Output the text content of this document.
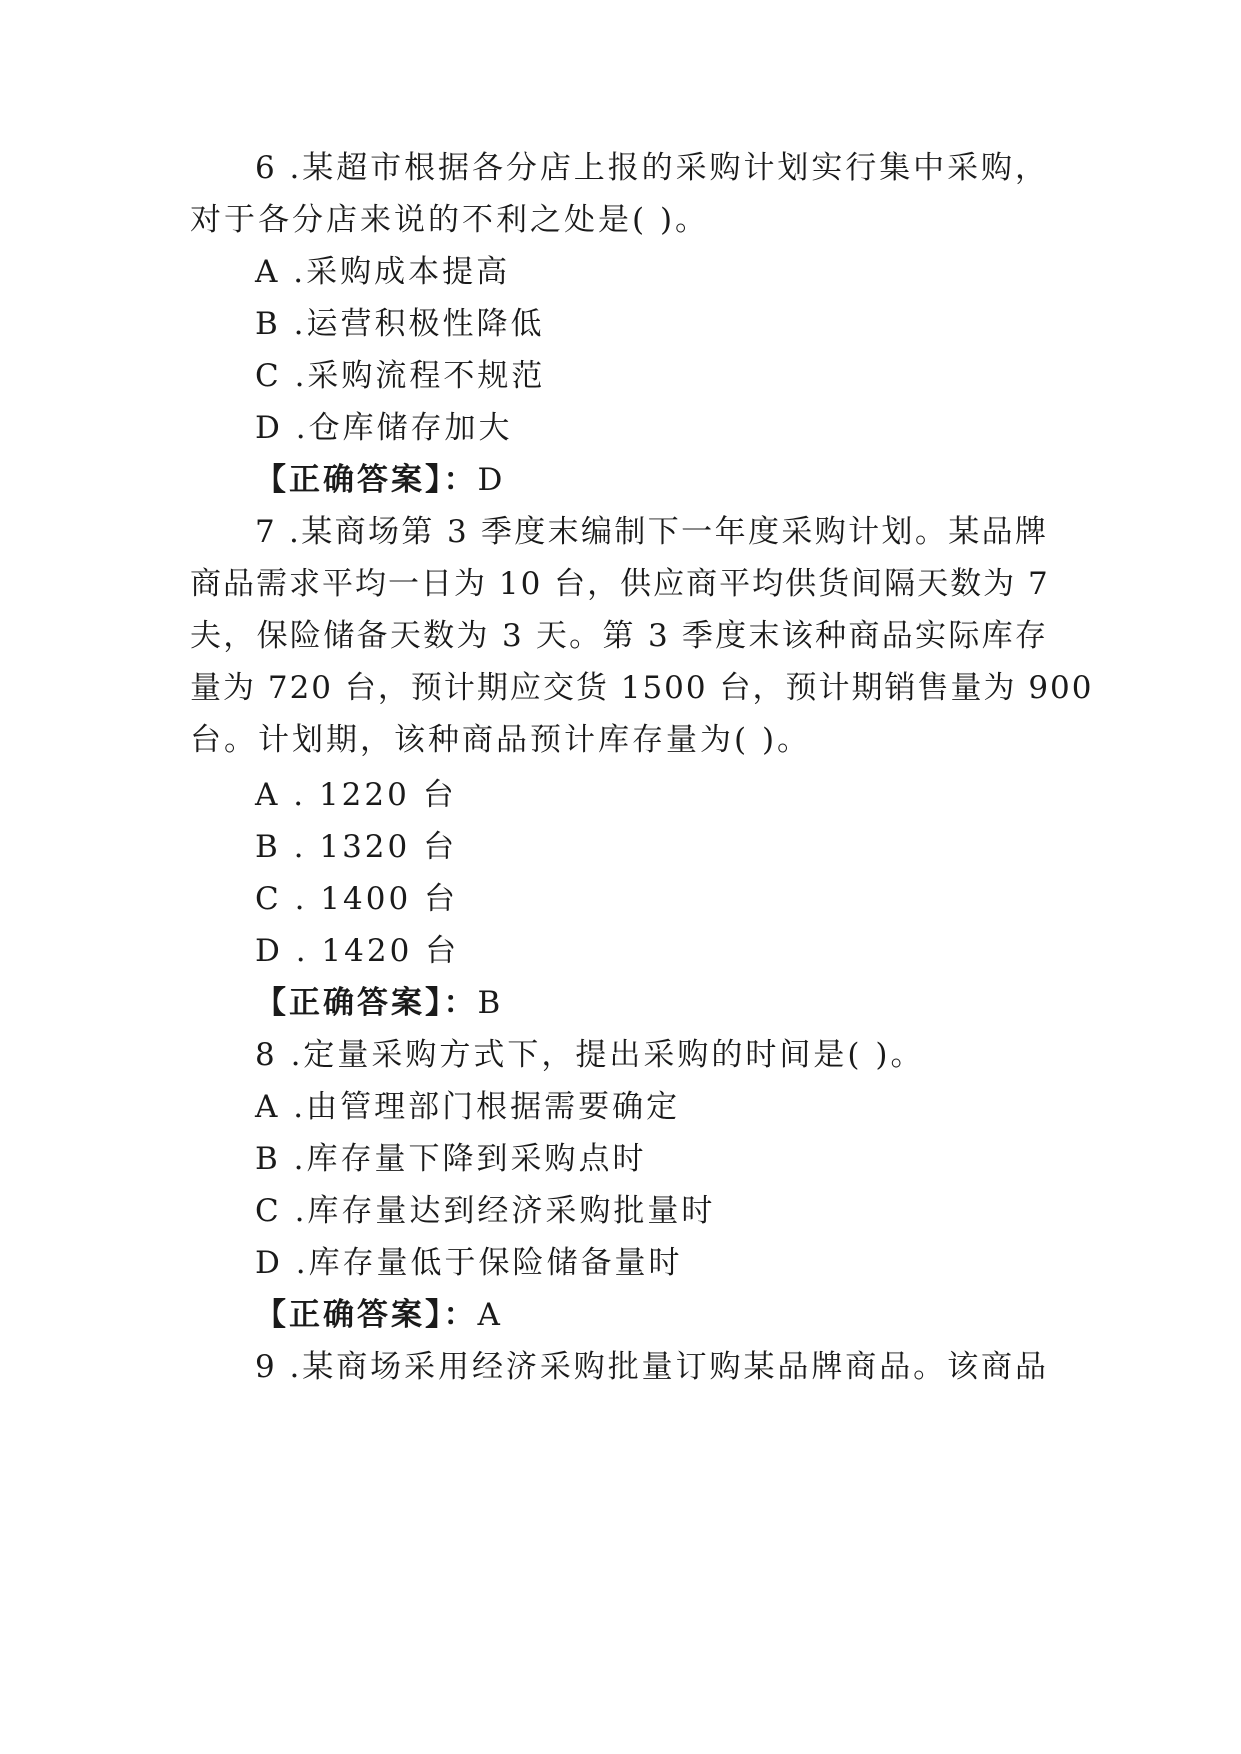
6 .某超市根据各分店上报的采购计划实行集中采购，
对于各分店来说的不利之处是( )。
A .采购成本提高
B .运营积极性降低
C .采购流程不规范
D .仓库储存加大
【正确答案】：D
7 .某商场第 3 季度末编制下一年度采购计划。某品牌
商品需求平均一日为 10 台，供应商平均供货间隔天数为 7
夫，保险储备天数为 3 天。第 3 季度末该种商品实际库存
量为 720 台，预计期应交货 1500 台，预计期销售量为 900
台。计划期，该种商品预计库存量为( )。
A . 1220 台
B . 1320 台
C . 1400 台
D . 1420 台
【正确答案】：B
8 .定量采购方式下，提出采购的时间是( )。
A .由管理部门根据需要确定
B .库存量下降到采购点时
C .库存量达到经济采购批量时
D .库存量低于保险储备量时
【正确答案】：A
9 .某商场采用经济采购批量订购某品牌商品。该商品
